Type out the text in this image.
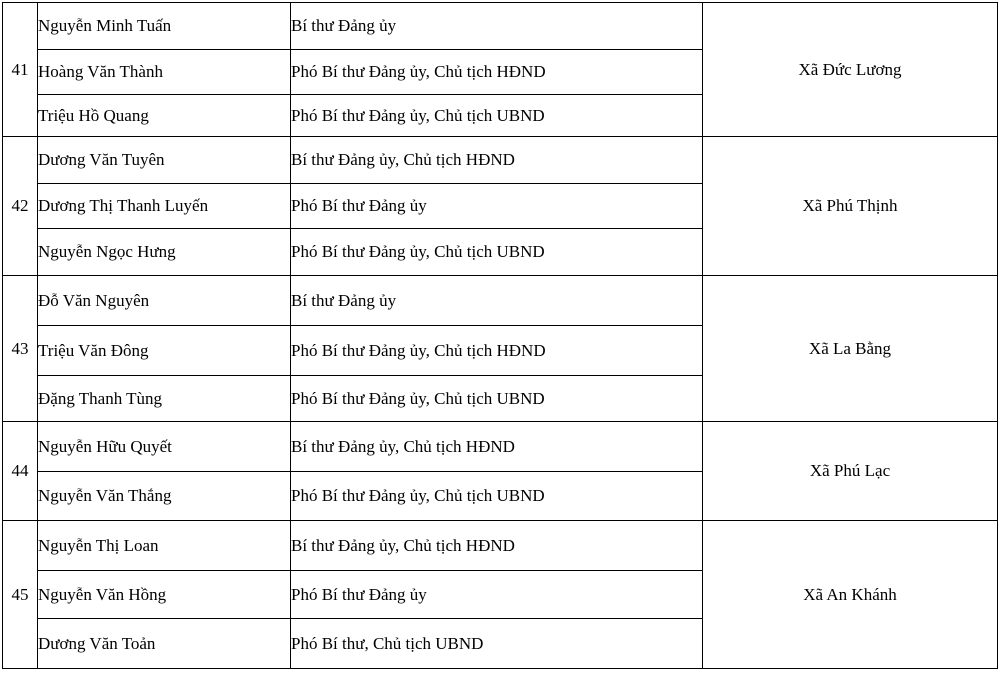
41	Nguyễn Minh Tuấn	Bí thư Đảng ủy	Xã Đức Lương
	Hoàng Văn Thành	Phó Bí thư Đảng ủy, Chủ tịch HĐND	
	Triệu Hồ Quang	Phó Bí thư Đảng ủy, Chủ tịch UBND	
42	Dương Văn Tuyên	Bí thư Đảng ủy, Chủ tịch HĐND	Xã Phú Thịnh
	Dương Thị Thanh Luyến	Phó Bí thư Đảng ủy	
	Nguyễn Ngọc Hưng	Phó Bí thư Đảng ủy, Chủ tịch UBND	
43	Đỗ Văn Nguyên	Bí thư Đảng ủy	Xã La Bằng
	Triệu Văn Đông	Phó Bí thư Đảng ủy, Chủ tịch HĐND	
	Đặng Thanh Tùng	Phó Bí thư Đảng ủy, Chủ tịch UBND	
44	Nguyễn Hữu Quyết	Bí thư Đảng ủy, Chủ tịch HĐND	Xã Phú Lạc
	Nguyễn Văn Thắng	Phó Bí thư Đảng ủy, Chủ tịch UBND	
45	Nguyễn Thị Loan	Bí thư Đảng ủy, Chủ tịch HĐND	Xã An Khánh
	Nguyễn Văn Hồng	Phó Bí thư Đảng ủy	
	Dương Văn Toản	Phó Bí thư, Chủ tịch UBND	
